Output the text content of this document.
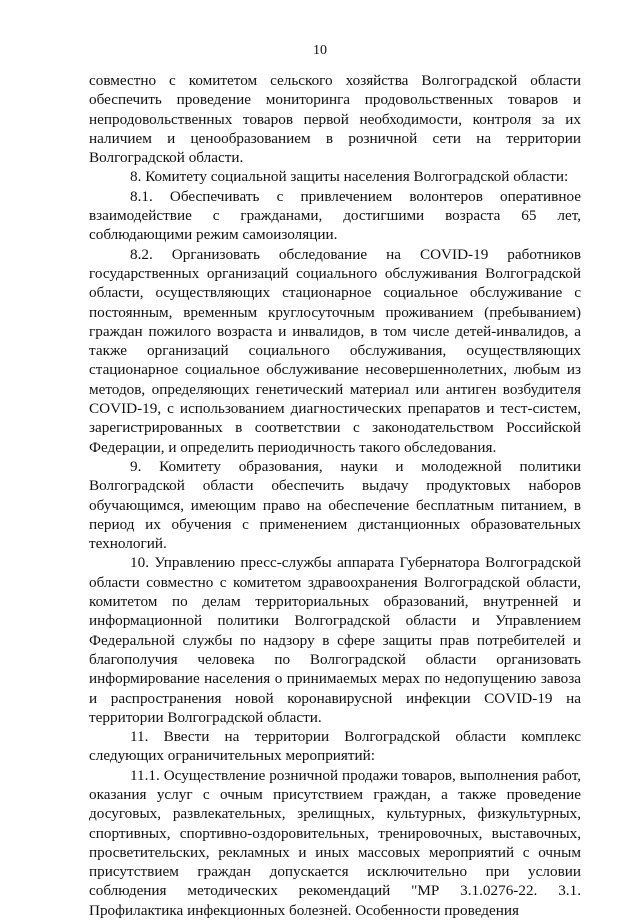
10

совместно с комитетом сельского хозяйства Волгоградской области обеспечить проведение мониторинга продовольственных товаров и непродовольственных товаров первой необходимости, контроля за их наличием и ценообразованием в розничной сети на территории Волгоградской области.

8. Комитету социальной защиты населения Волгоградской области:

8.1. Обеспечивать с привлечением волонтеров оперативное взаимодействие с гражданами, достигшими возраста 65 лет, соблюдающими режим самоизоляции.

8.2. Организовать обследование на COVID-19 работников государственных организаций социального обслуживания Волгоградской области, осуществляющих стационарное социальное обслуживание с постоянным, временным круглосуточным проживанием (пребыванием) граждан пожилого возраста и инвалидов, в том числе детей-инвалидов, а также организаций социального обслуживания, осуществляющих стационарное социальное обслуживание несовершеннолетних, любым из методов, определяющих генетический материал или антиген возбудителя COVID-19, с использованием диагностических препаратов и тест-систем, зарегистрированных в соответствии с законодательством Российской Федерации, и определить периодичность такого обследования.

9. Комитету образования, науки и молодежной политики Волгоградской области обеспечить выдачу продуктовых наборов обучающимся, имеющим право на обеспечение бесплатным питанием, в период их обучения с применением дистанционных образовательных технологий.

10. Управлению пресс-службы аппарата Губернатора Волгоградской области совместно с комитетом здравоохранения Волгоградской области, комитетом по делам территориальных образований, внутренней и информационной политики Волгоградской области и Управлением Федеральной службы по надзору в сфере защиты прав потребителей и благополучия человека по Волгоградской области организовать информирование населения о принимаемых мерах по недопущению завоза и распространения новой коронавирусной инфекции COVID-19 на территории Волгоградской области.

11. Ввести на территории Волгоградской области комплекс следующих ограничительных мероприятий:

11.1. Осуществление розничной продажи товаров, выполнения работ, оказания услуг с очным присутствием граждан, а также проведение досуговых, развлекательных, зрелищных, культурных, физкультурных, спортивных, спортивно-оздоровительных, тренировочных, выставочных, просветительских, рекламных и иных массовых мероприятий с очным присутствием граждан допускается исключительно при условии соблюдения методических рекомендаций "МР 3.1.0276-22. 3.1. Профилактика инфекционных болезней. Особенности проведения
